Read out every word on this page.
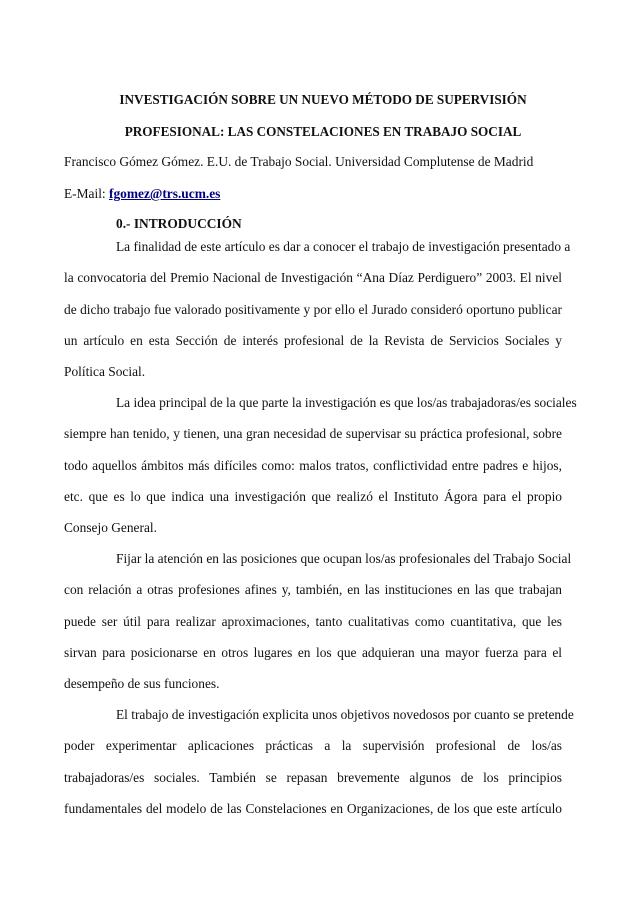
INVESTIGACIÓN SOBRE UN NUEVO MÉTODO DE SUPERVISIÓN
PROFESIONAL: LAS CONSTELACIONES EN TRABAJO SOCIAL
Francisco Gómez Gómez. E.U. de Trabajo Social. Universidad Complutense de Madrid
E-Mail: fgomez@trs.ucm.es
0.- INTRODUCCIÓN
La finalidad de este artículo es dar a conocer el trabajo de investigación presentado a
la convocatoria del Premio Nacional de Investigación “Ana Díaz Perdiguero” 2003. El nivel
de dicho trabajo fue valorado positivamente y por ello el Jurado consideró oportuno publicar
un artículo en esta Sección de interés profesional de la Revista de Servicios Sociales y
Política Social.
La idea principal de la que parte la investigación es que los/as trabajadoras/es sociales
siempre han tenido, y tienen, una gran necesidad de supervisar su práctica profesional, sobre
todo aquellos ámbitos más difíciles como: malos tratos, conflictividad entre padres e hijos,
etc. que es lo que indica una investigación que realizó el Instituto Ágora para el propio
Consejo General.
Fijar la atención en las posiciones que ocupan los/as profesionales del Trabajo Social
con relación a otras profesiones afines y, también, en las instituciones en las que trabajan
puede ser útil para realizar aproximaciones, tanto cualitativas como cuantitativa, que les
sirvan para posicionarse en otros lugares en los que adquieran una mayor fuerza para el
desempeño de sus funciones.
El trabajo de investigación explicita unos objetivos novedosos por cuanto se pretende
poder experimentar aplicaciones prácticas a la supervisión profesional de los/as
trabajadoras/es sociales. También se repasan brevemente algunos de los principios
fundamentales del modelo de las Constelaciones en Organizaciones, de los que este artículo
